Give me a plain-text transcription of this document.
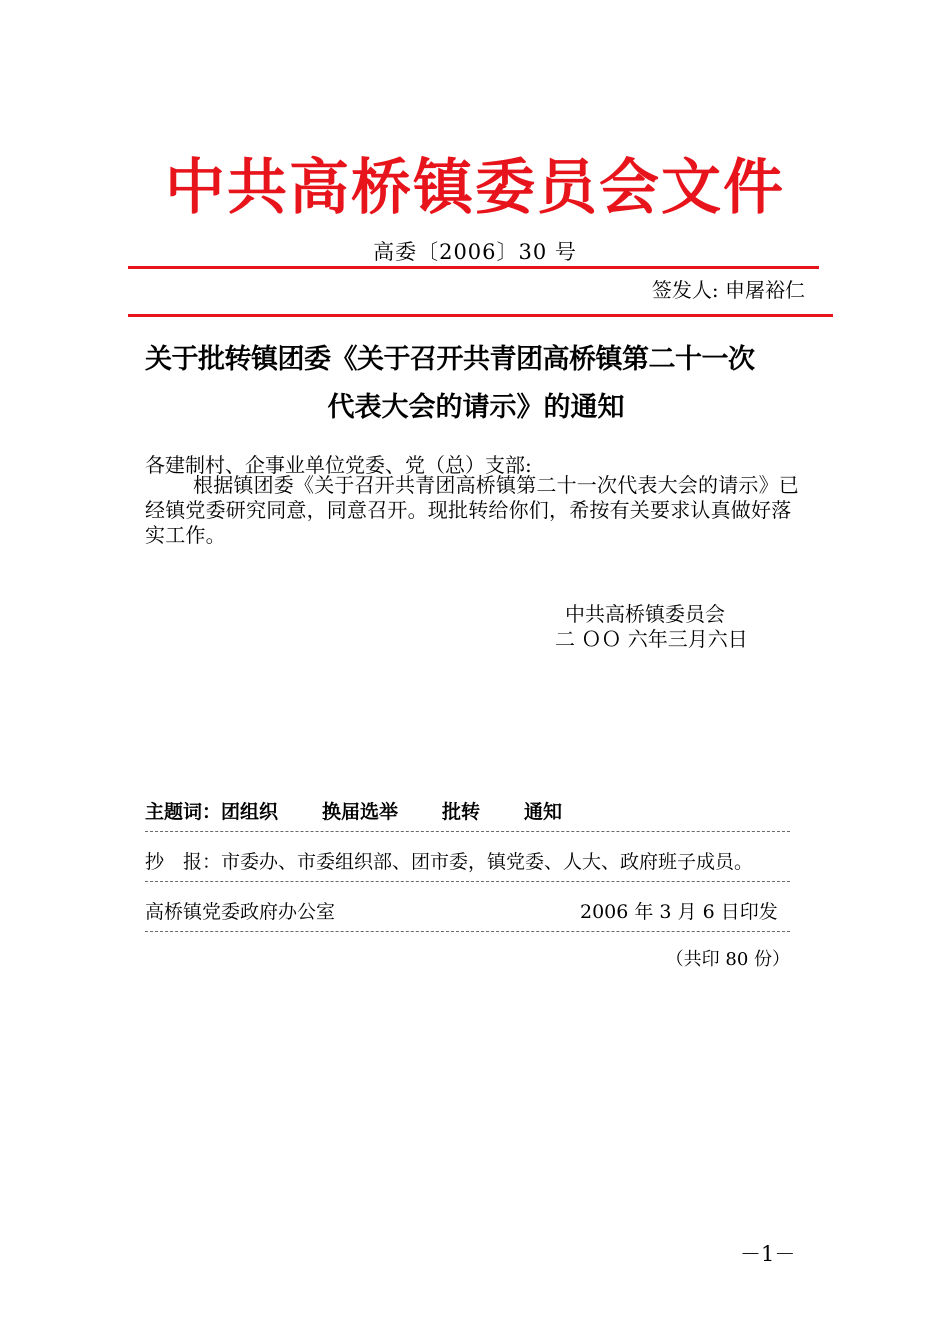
中共高桥镇委员会文件
高委〔2006〕30 号
签发人: 申屠裕仁
关于批转镇团委《关于召开共青团高桥镇第二十一次
代表大会的请示》的通知
各建制村、企事业单位党委、党（总）支部:
根据镇团委《关于召开共青团高桥镇第二十一次代表大会的请示》已经镇党委研究同意，同意召开。现批转给你们，希按有关要求认真做好落实工作。
中共高桥镇委员会
二 ＯＯ 六年三月六日
主题词：团组织 换届选举 批转 通知
抄　报：市委办、市委组织部、团市委，镇党委、人大、政府班子成员。
高桥镇党委政府办公室	2006 年 3 月 6 日印发
（共印 80 份）
－1－
